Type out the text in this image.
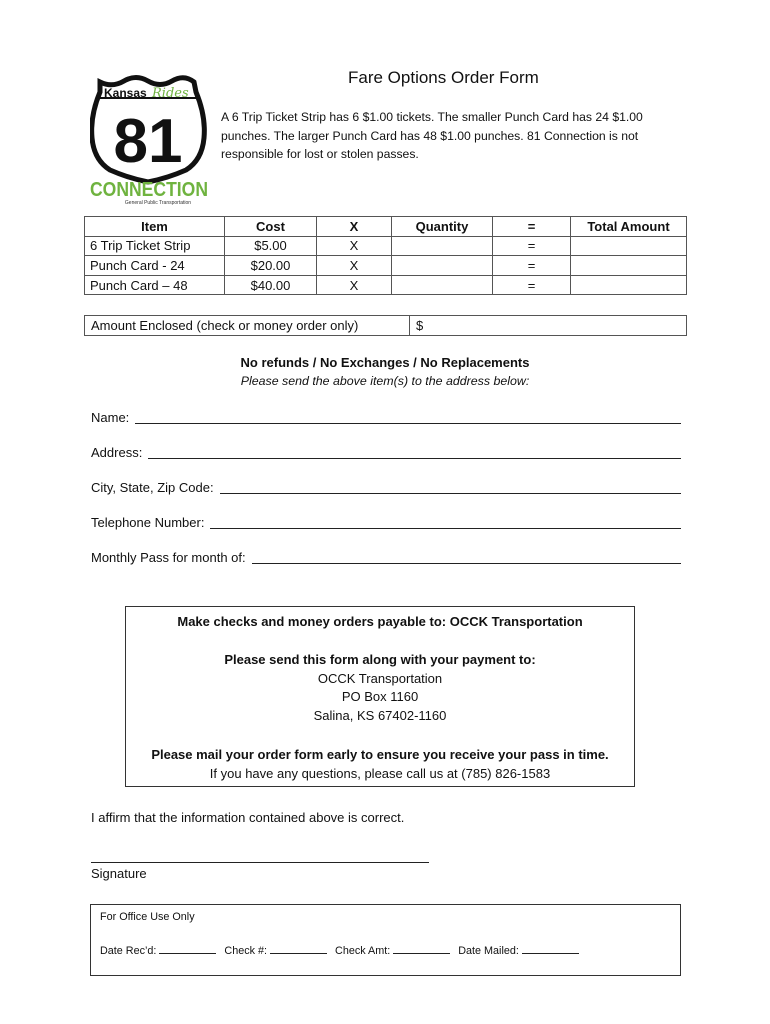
Kansas Rides
81
CONNECTION
General Public Transportation
Fare Options Order Form
A 6 Trip Ticket Strip has 6 $1.00 tickets. The smaller Punch Card has 24 $1.00
punches. The larger Punch Card has 48 $1.00 punches. 81 Connection is not
responsible for lost or stolen passes.
Item	Cost	X	Quantity	=	Total Amount
6 Trip Ticket Strip	$5.00	X		=	
Punch Card - 24	$20.00	X		=	
Punch Card – 48	$40.00	X		=	
Amount Enclosed (check or money order only)	$
No refunds / No Exchanges / No Replacements
Please send the above item(s) to the address below:
Name:
Address:
City, State, Zip Code:
Telephone Number:
Monthly Pass for month of:
Make checks and money orders payable to: OCCK Transportation
Please send this form along with your payment to:
OCCK Transportation
PO Box 1160
Salina, KS 67402-1160
Please mail your order form early to ensure you receive your pass in time.
If you have any questions, please call us at (785) 826-1583
I affirm that the information contained above is correct.
Signature
For Office Use Only
Date Rec’d:	Check #:	Check Amt:	Date Mailed:
